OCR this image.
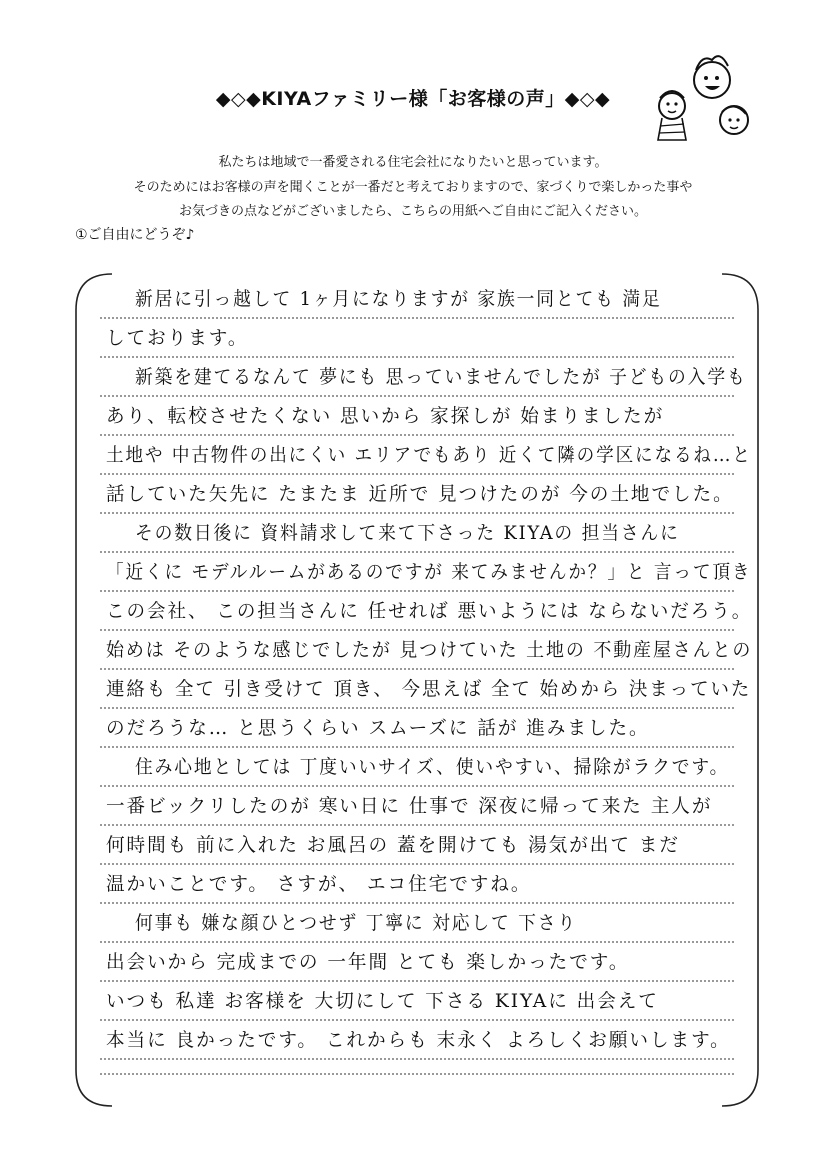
◆◇◆KIYAファミリー様「お客様の声」◆◇◆
私たちは地域で一番愛される住宅会社になりたいと思っています。
そのためにはお客様の声を聞くことが一番だと考えておりますので、家づくりで楽しかった事や
お気づきの点などがございましたら、こちらの用紙へご自由にご記入ください。
①ご自由にどうぞ♪
新居に引っ越して 1ヶ月になりますが 家族一同とても 満足
しております。
新築を建てるなんて 夢にも 思っていませんでしたが 子どもの入学も
あり、転校させたくない 思いから 家探しが 始まりましたが
土地や 中古物件の出にくい エリアでもあり 近くて隣の学区になるね…と
話していた矢先に たまたま 近所で 見つけたのが 今の土地でした。
その数日後に 資料請求して来て下さった KIYAの 担当さんに
「近くに モデルルームがあるのですが 来てみませんか？」と 言って頂き
この会社、 この担当さんに 任せれば 悪いようには ならないだろう。
始めは そのような感じでしたが 見つけていた 土地の 不動産屋さんとの
連絡も 全て 引き受けて 頂き、 今思えば 全て 始めから 決まっていた
のだろうな… と思うくらい スムーズに 話が 進みました。
住み心地としては 丁度いいサイズ、使いやすい、掃除がラクです。
一番ビックリしたのが 寒い日に 仕事で 深夜に帰って来た 主人が
何時間も 前に入れた お風呂の 蓋を開けても 湯気が出て まだ
温かいことです。 さすが、 エコ住宅ですね。
何事も 嫌な顔ひとつせず 丁寧に 対応して 下さり
出会いから 完成までの 一年間 とても 楽しかったです。
いつも 私達 お客様を 大切にして 下さる KIYAに 出会えて
本当に 良かったです。 これからも 末永く よろしくお願いします。
